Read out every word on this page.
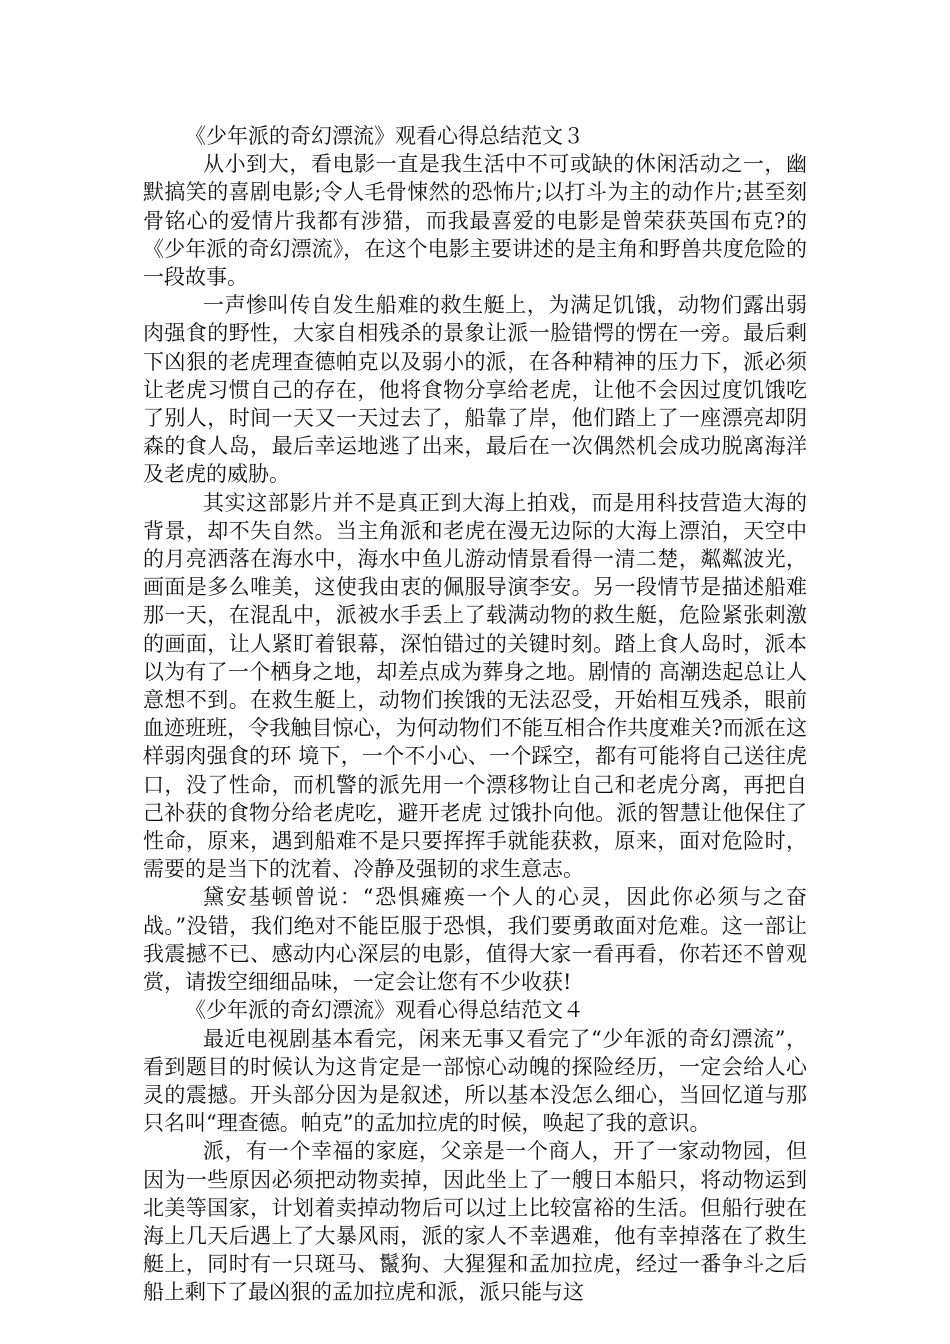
《少年派的奇幻漂流》观看心得总结范文３

从小到大，看电影一直是我生活中不可或缺的休闲活动之一，幽默搞笑的喜剧电影;令人毛骨悚然的恐怖片;以打斗为主的动作片;甚至刻骨铭心的爱情片我都有涉猎，而我最喜爱的电影是曾荣获英国布克?的《少年派的奇幻漂流》，在这个电影主要讲述的是主角和野兽共度危险的一段故事。

一声惨叫传自发生船难的救生艇上，为满足饥饿，动物们露出弱肉强食的野性，大家自相残杀的景象让派一脸错愕的愣在一旁。最后剩下凶狠的老虎理查德帕克以及弱小的派，在各种精神的压力下，派必须让老虎习惯自己的存在，他将食物分享给老虎，让他不会因过度饥饿吃了别人，时间一天又一天过去了，船靠了岸，他们踏上了一座漂亮却阴森的食人岛，最后幸运地逃了出来，最后在一次偶然机会成功脱离海洋及老虎的威胁。

其实这部影片并不是真正到大海上拍戏，而是用科技营造大海的背景，却不失自然。当主角派和老虎在漫无边际的大海上漂泊，天空中的月亮洒落在海水中，海水中鱼儿游动情景看得一清二楚，粼粼波光，画面是多么唯美，这使我由衷的佩服导演李安。另一段情节是描述船难那一天，在混乱中，派被水手丢上了载满动物的救生艇，危险紧张刺激的画面，让人紧盯着银幕，深怕错过的关键时刻。踏上食人岛时，派本以为有了一个栖身之地，却差点成为葬身之地。剧情的 高潮迭起总让人意想不到。在救生艇上，动物们挨饿的无法忍受，开始相互残杀，眼前血迹班班，令我触目惊心，为何动物们不能互相合作共度难关?而派在这样弱肉强食的环 境下，一个不小心、一个踩空，都有可能将自己送往虎口，没了性命，而机警的派先用一个漂移物让自己和老虎分离，再把自己补获的食物分给老虎吃，避开老虎 过饿扑向他。派的智慧让他保住了性命，原来，遇到船难不是只要挥挥手就能获救，原来，面对危险时，需要的是当下的沈着、冷静及强韧的求生意志。

黛安基顿曾说：“恐惧瘫痪一个人的心灵，因此你必须与之奋战。”没错，我们绝对不能臣服于恐惧，我们要勇敢面对危难。这一部让我震撼不已、感动内心深层的电影，值得大家一看再看，你若还不曾观赏，请拨空细细品味，一定会让您有不少收获!

《少年派的奇幻漂流》观看心得总结范文４

最近电视剧基本看完，闲来无事又看完了“少年派的奇幻漂流”，看到题目的时候认为这肯定是一部惊心动魄的探险经历，一定会给人心灵的震撼。开头部分因为是叙述，所以基本没怎么细心，当回忆道与那只名叫“理查德。帕克”的孟加拉虎的时候，唤起了我的意识。

派，有一个幸福的家庭，父亲是一个商人，开了一家动物园，但因为一些原因必须把动物卖掉，因此坐上了一艘日本船只，将动物运到北美等国家，计划着卖掉动物后可以过上比较富裕的生活。但船行驶在海上几天后遇上了大暴风雨，派的家人不幸遇难，他有幸掉落在了救生艇上，同时有一只斑马、鬣狗、大猩猩和孟加拉虎，经过一番争斗之后船上剩下了最凶狠的孟加拉虎和派，派只能与这
